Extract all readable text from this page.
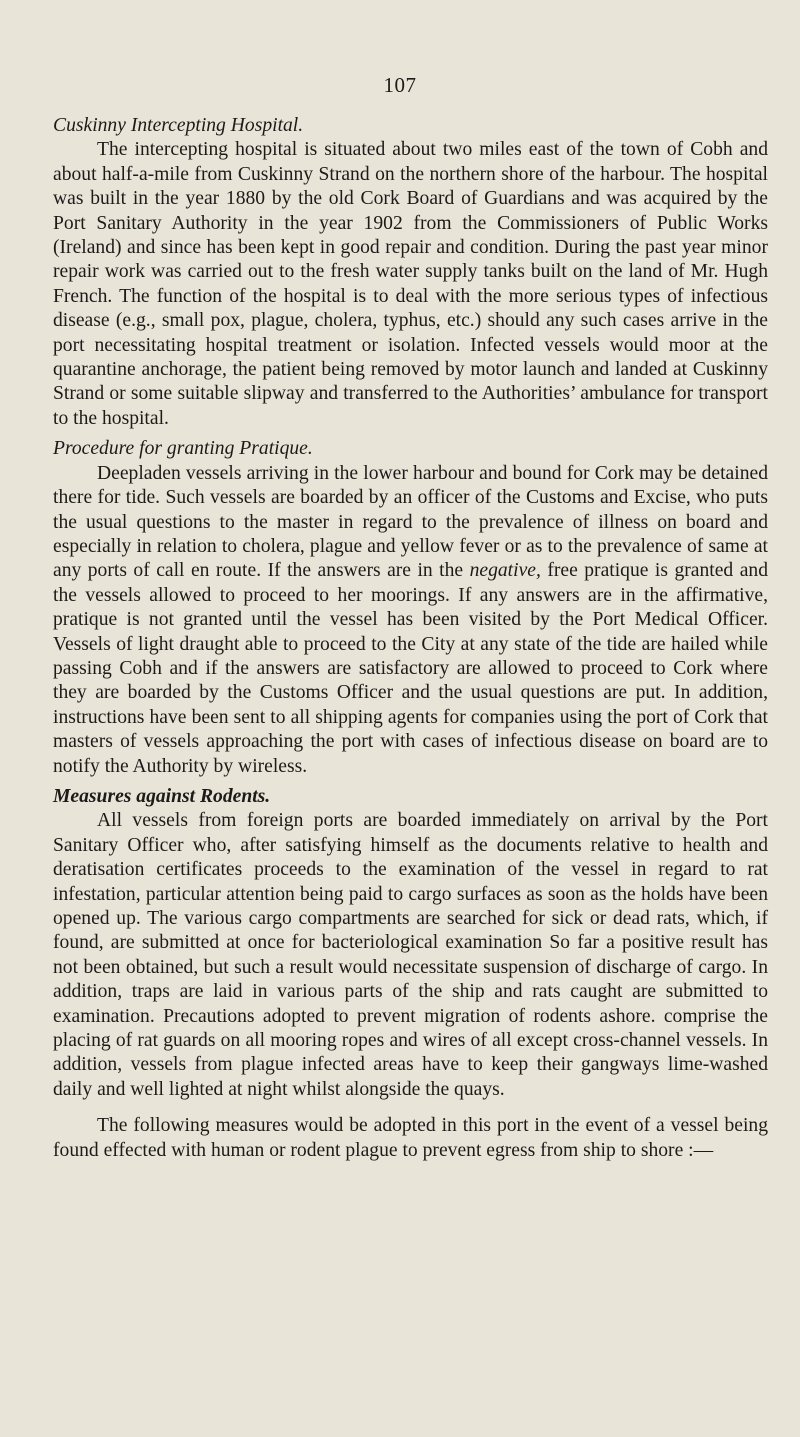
107

Cuskinny Intercepting Hospital.

The intercepting hospital is situated about two miles east of the town of Cobh and about half-a-mile from Cuskinny Strand on the northern shore of the harbour. The hospital was built in the year 1880 by the old Cork Board of Guardians and was acquired by the Port Sanitary Authority in the year 1902 from the Commissioners of Public Works (Ireland) and since has been kept in good repair and condition. During the past year minor repair work was carried out to the fresh water supply tanks built on the land of Mr. Hugh French. The function of the hospital is to deal with the more serious types of infectious disease (e.g., small pox, plague, cholera, typhus, etc.) should any such cases arrive in the port necessitating hospital treatment or isolation. Infected vessels would moor at the quarantine anchorage, the patient being removed by motor launch and landed at Cuskinny Strand or some suitable slipway and transferred to the Authorities’ ambulance for transport to the hospital.

Procedure for granting Pratique.

Deepladen vessels arriving in the lower harbour and bound for Cork may be detained there for tide. Such vessels are boarded by an officer of the Customs and Excise, who puts the usual questions to the master in regard to the prevalence of illness on board and especially in relation to cholera, plague and yellow fever or as to the prevalence of same at any ports of call en route. If the answers are in the negative, free pratique is granted and the vessels allowed to proceed to her moorings. If any answers are in the affirmative, pratique is not granted until the vessel has been visited by the Port Medical Officer. Vessels of light draught able to proceed to the City at any state of the tide are hailed while passing Cobh and if the answers are satisfactory are allowed to proceed to Cork where they are boarded by the Customs Officer and the usual questions are put. In addition, instructions have been sent to all shipping agents for companies using the port of Cork that masters of vessels approaching the port with cases of infectious disease on board are to notify the Authority by wireless.

Measures against Rodents.

All vessels from foreign ports are boarded immediately on arrival by the Port Sanitary Officer who, after satisfying himself as the documents relative to health and deratisation certificates proceeds to the examination of the vessel in regard to rat infestation, particular attention being paid to cargo surfaces as soon as the holds have been opened up. The various cargo compartments are searched for sick or dead rats, which, if found, are submitted at once for bacteriological examination So far a positive result has not been obtained, but such a result would necessitate suspension of discharge of cargo. In addition, traps are laid in various parts of the ship and rats caught are submitted to examination. Precautions adopted to prevent migration of rodents ashore. comprise the placing of rat guards on all mooring ropes and wires of all except cross-channel vessels. In addition, vessels from plague infected areas have to keep their gangways lime-washed daily and well lighted at night whilst alongside the quays.

The following measures would be adopted in this port in the event of a vessel being found effected with human or rodent plague to prevent egress from ship to shore :—
